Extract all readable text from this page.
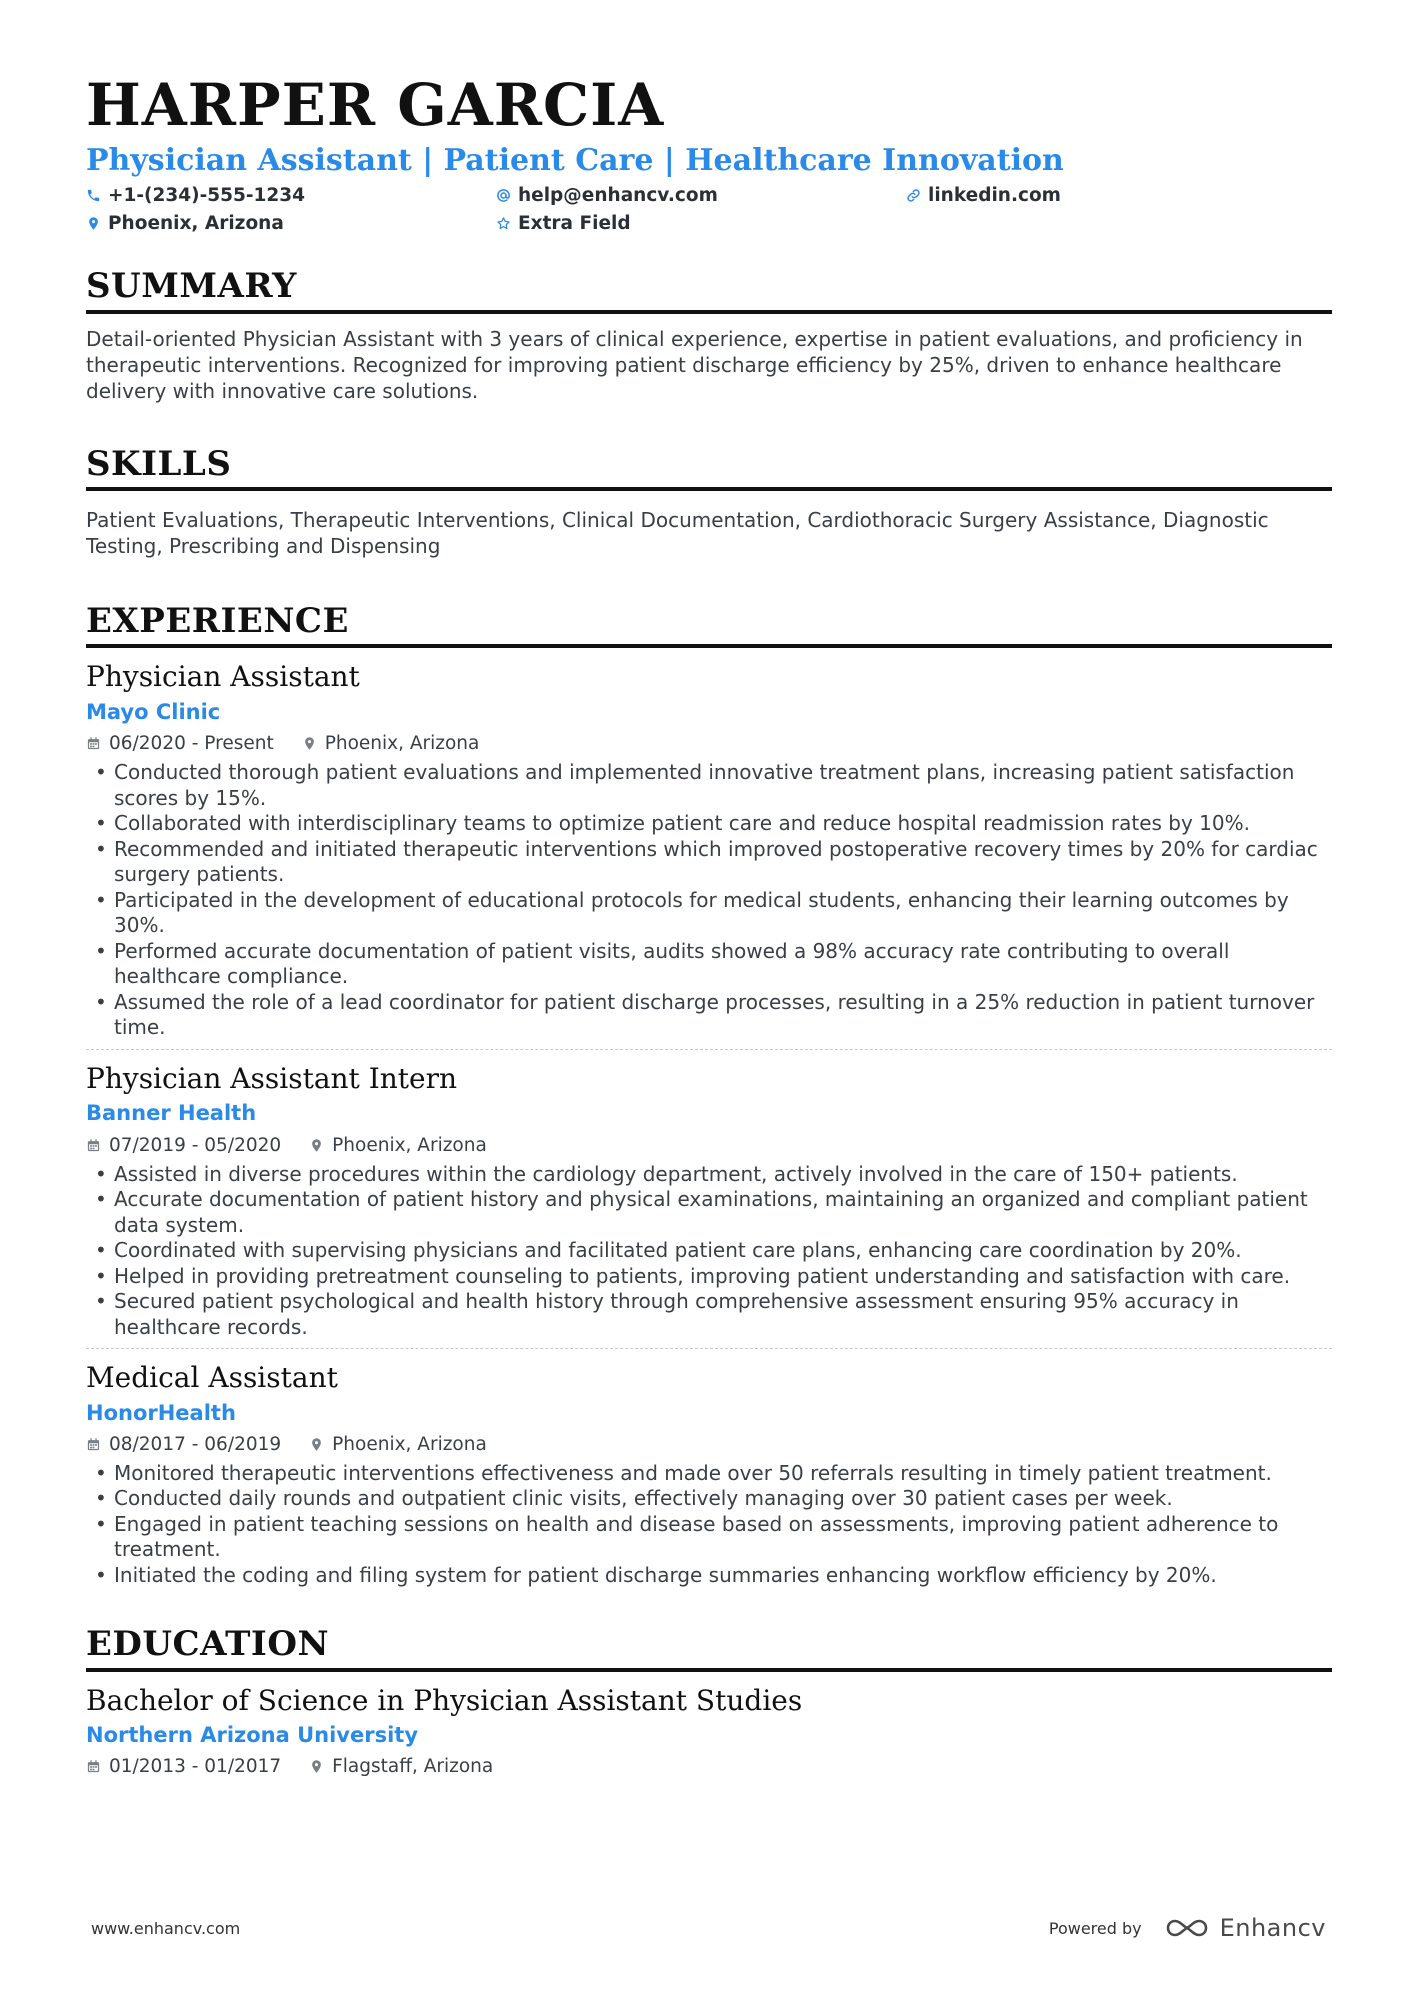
HARPER GARCIA
Physician Assistant | Patient Care | Healthcare Innovation
+1-(234)-555-1234	help@enhancv.com	linkedin.com
Phoenix, Arizona	Extra Field
SUMMARY
Detail-oriented Physician Assistant with 3 years of clinical experience, expertise in patient evaluations, and proficiency in therapeutic interventions. Recognized for improving patient discharge efficiency by 25%, driven to enhance healthcare delivery with innovative care solutions.
SKILLS
Patient Evaluations, Therapeutic Interventions, Clinical Documentation, Cardiothoracic Surgery Assistance, Diagnostic Testing, Prescribing and Dispensing
EXPERIENCE
Physician Assistant
Mayo Clinic
06/2020 - Present	Phoenix, Arizona
• Conducted thorough patient evaluations and implemented innovative treatment plans, increasing patient satisfaction scores by 15%.
• Collaborated with interdisciplinary teams to optimize patient care and reduce hospital readmission rates by 10%.
• Recommended and initiated therapeutic interventions which improved postoperative recovery times by 20% for cardiac surgery patients.
• Participated in the development of educational protocols for medical students, enhancing their learning outcomes by 30%.
• Performed accurate documentation of patient visits, audits showed a 98% accuracy rate contributing to overall healthcare compliance.
• Assumed the role of a lead coordinator for patient discharge processes, resulting in a 25% reduction in patient turnover time.
Physician Assistant Intern
Banner Health
07/2019 - 05/2020	Phoenix, Arizona
• Assisted in diverse procedures within the cardiology department, actively involved in the care of 150+ patients.
• Accurate documentation of patient history and physical examinations, maintaining an organized and compliant patient data system.
• Coordinated with supervising physicians and facilitated patient care plans, enhancing care coordination by 20%.
• Helped in providing pretreatment counseling to patients, improving patient understanding and satisfaction with care.
• Secured patient psychological and health history through comprehensive assessment ensuring 95% accuracy in healthcare records.
Medical Assistant
HonorHealth
08/2017 - 06/2019	Phoenix, Arizona
• Monitored therapeutic interventions effectiveness and made over 50 referrals resulting in timely patient treatment.
• Conducted daily rounds and outpatient clinic visits, effectively managing over 30 patient cases per week.
• Engaged in patient teaching sessions on health and disease based on assessments, improving patient adherence to treatment.
• Initiated the coding and filing system for patient discharge summaries enhancing workflow efficiency by 20%.
EDUCATION
Bachelor of Science in Physician Assistant Studies
Northern Arizona University
01/2013 - 01/2017	Flagstaff, Arizona
www.enhancv.com	Powered by	Enhancv
